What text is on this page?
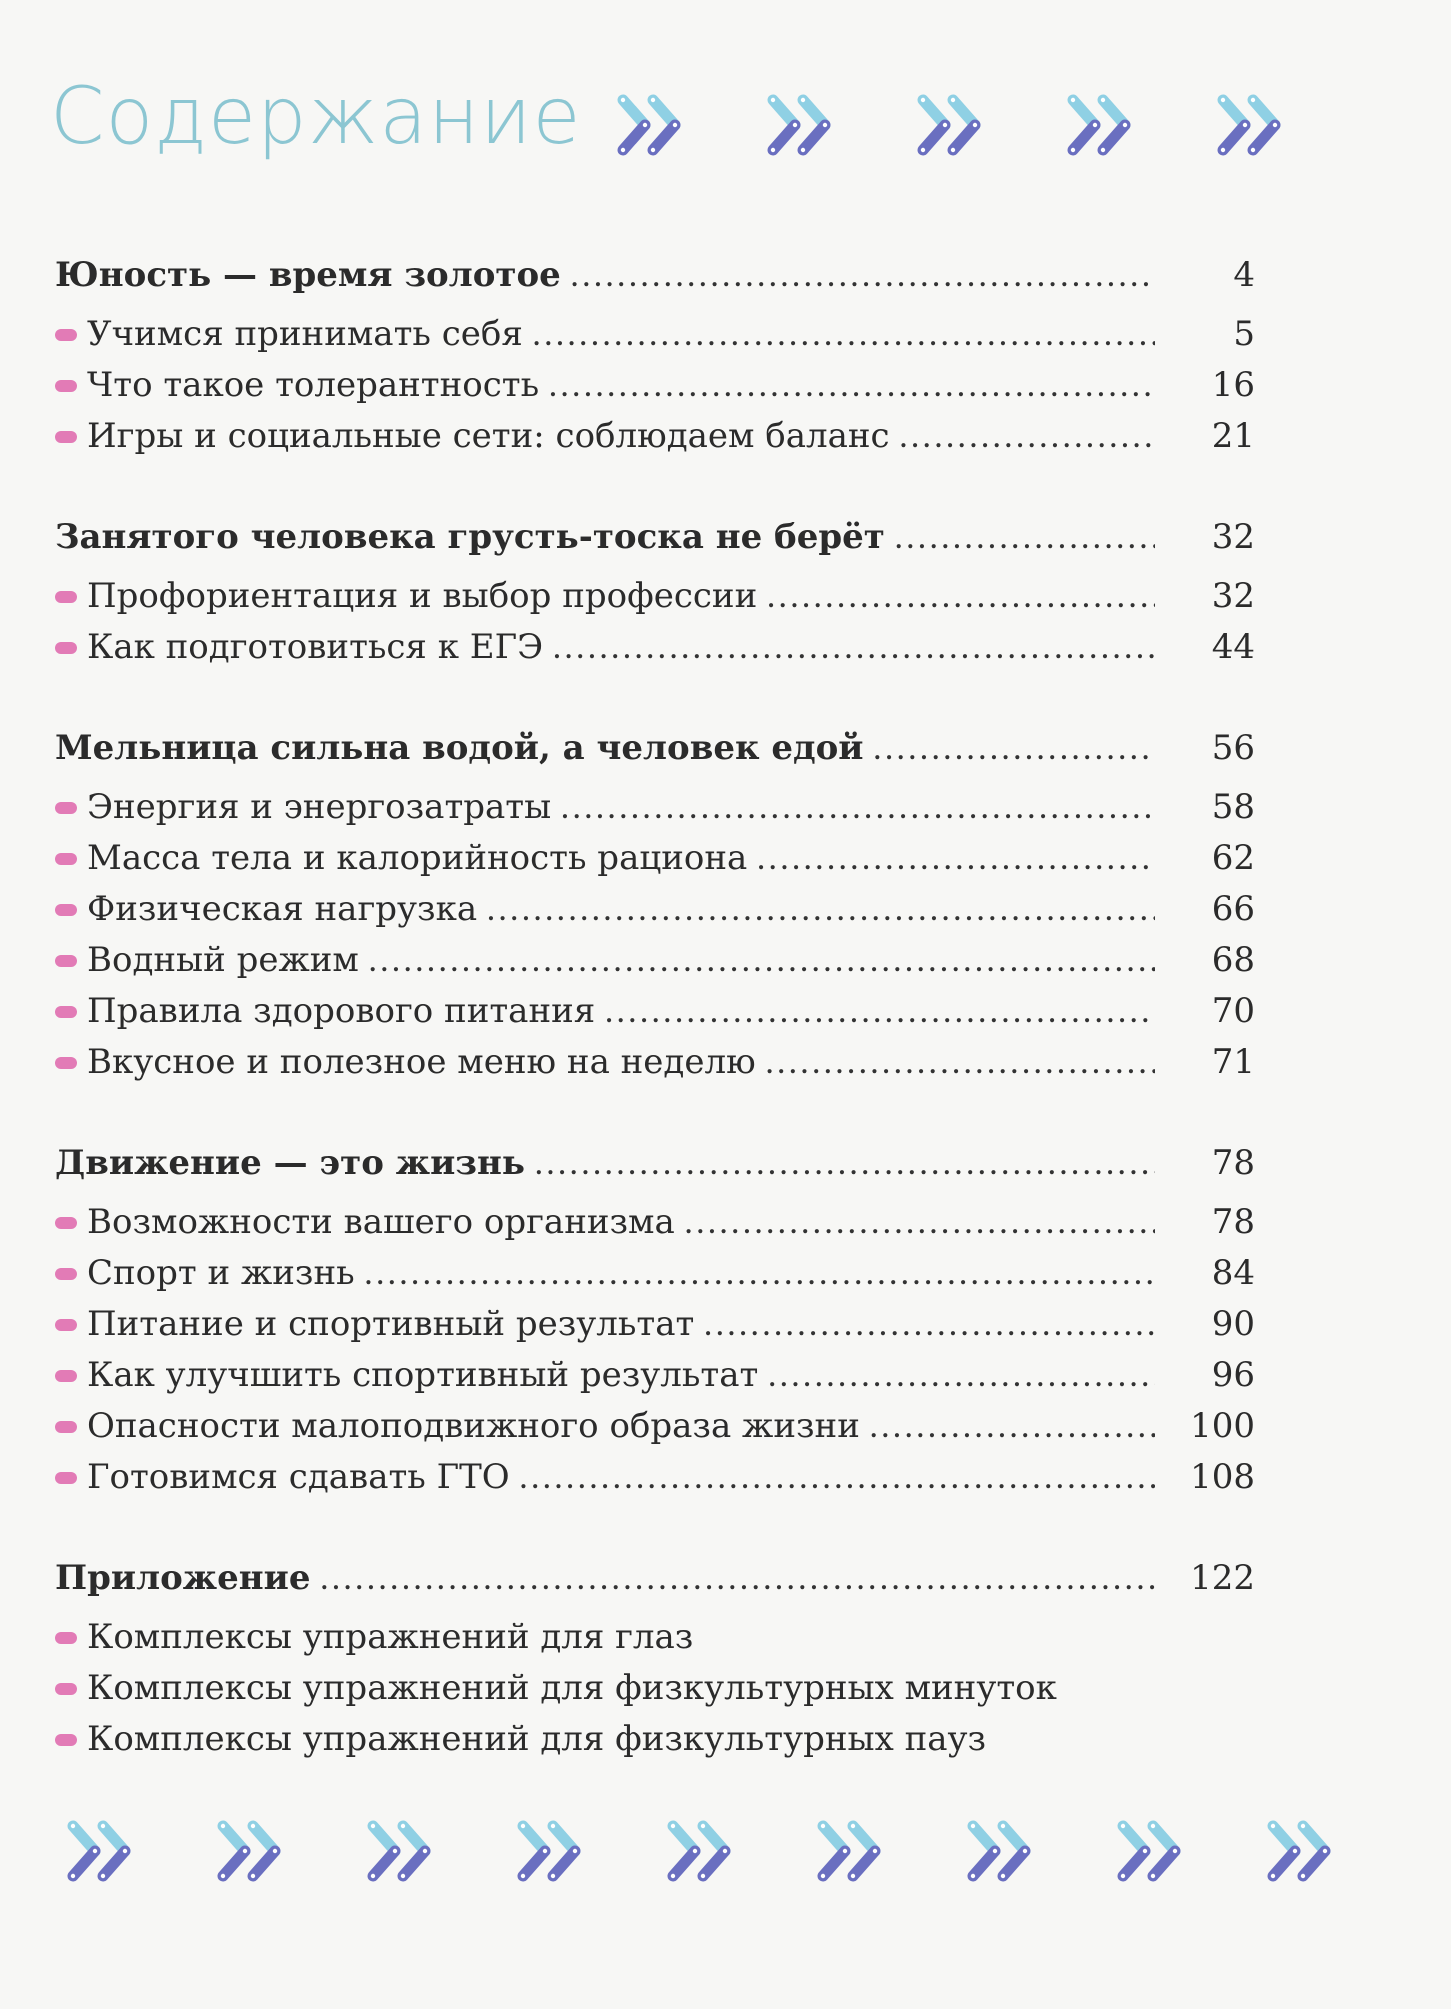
Содержание
Юность — время золотое .....	4
Учимся принимать себя .....	5
Что такое толерантность .....	16
Игры и социальные сети: соблюдаем баланс .....	21
Занятого человека грусть-тоска не берёт .....	32
Профориентация и выбор профессии .....	32
Как подготовиться к ЕГЭ .....	44
Мельница сильна водой, а человек едой .....	56
Энергия и энергозатраты .....	58
Масса тела и калорийность рациона .....	62
Физическая нагрузка .....	66
Водный режим .....	68
Правила здорового питания .....	70
Вкусное и полезное меню на неделю .....	71
Движение — это жизнь .....	78
Возможности вашего организма .....	78
Спорт и жизнь .....	84
Питание и спортивный результат .....	90
Как улучшить спортивный результат .....	96
Опасности малоподвижного образа жизни .....	100
Готовимся сдавать ГТО .....	108
Приложение .....	122
Комплексы упражнений для глаз
Комплексы упражнений для физкультурных минуток
Комплексы упражнений для физкультурных пауз
